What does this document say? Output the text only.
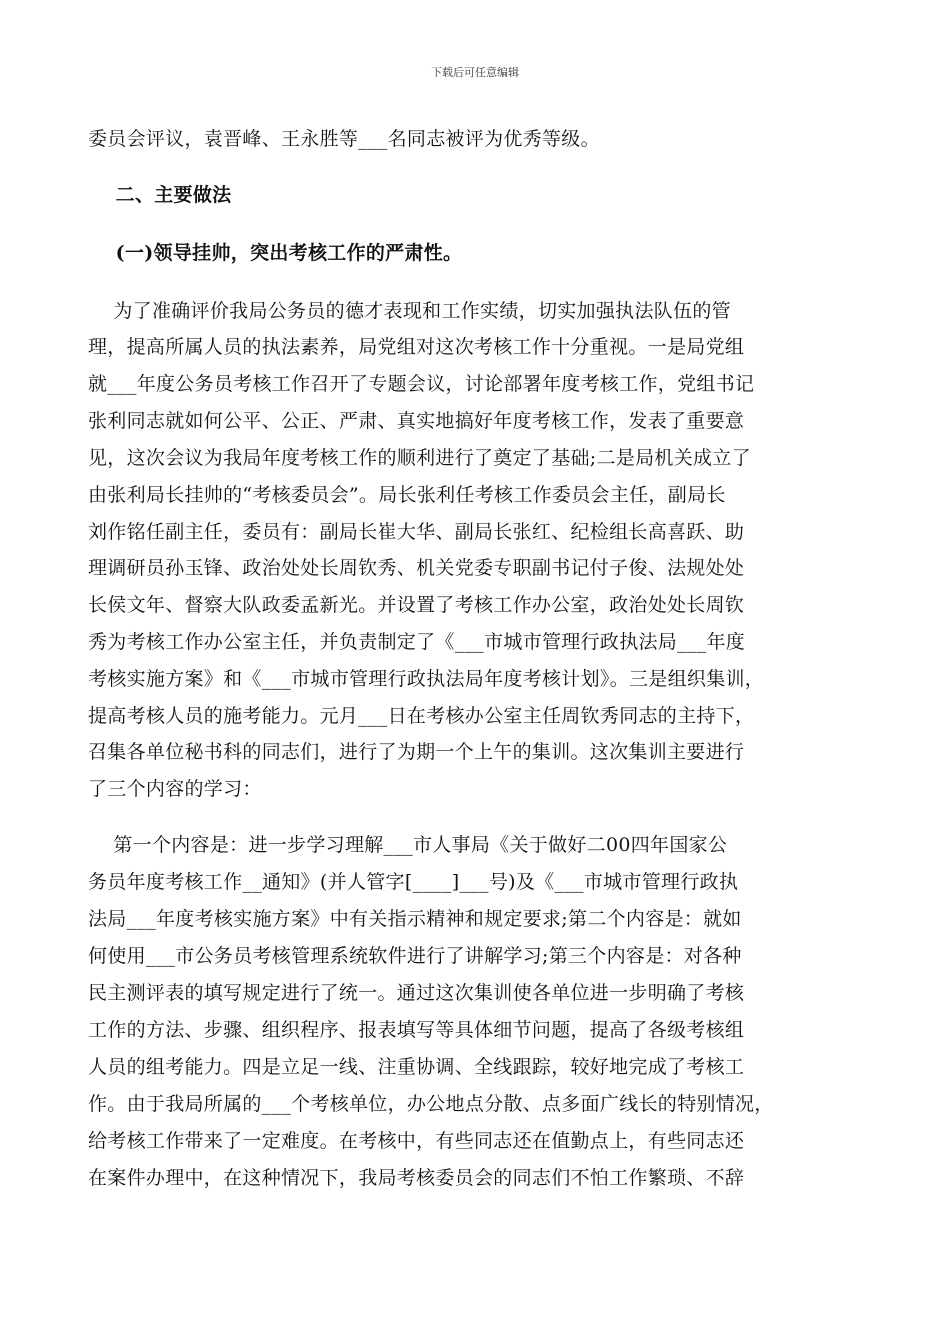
下载后可任意编辑
委员会评议，袁晋峰、王永胜等___名同志被评为优秀等级。
二、主要做法
(一)领导挂帅，突出考核工作的严肃性。
为了准确评价我局公务员的德才表现和工作实绩，切实加强执法队伍的管
理，提高所属人员的执法素养，局党组对这次考核工作十分重视。一是局党组
就___年度公务员考核工作召开了专题会议，讨论部署年度考核工作，党组书记
张利同志就如何公平、公正、严肃、真实地搞好年度考核工作，发表了重要意
见，这次会议为我局年度考核工作的顺利进行了奠定了基础;二是局机关成立了
由张利局长挂帅的“考核委员会”。局长张利任考核工作委员会主任，副局长
刘作铭任副主任，委员有：副局长崔大华、副局长张红、纪检组长高喜跃、助
理调研员孙玉锋、政治处处长周钦秀、机关党委专职副书记付子俊、法规处处
长侯文年、督察大队政委孟新光。并设置了考核工作办公室，政治处处长周钦
秀为考核工作办公室主任，并负责制定了《___市城市管理行政执法局___年度
考核实施方案》和《___市城市管理行政执法局年度考核计划》。三是组织集训，
提高考核人员的施考能力。元月___日在考核办公室主任周钦秀同志的主持下，
召集各单位秘书科的同志们，进行了为期一个上午的集训。这次集训主要进行
了三个内容的学习：
第一个内容是：进一步学习理解___市人事局《关于做好二00四年国家公
务员年度考核工作__通知》(并人管字[____]___号)及《___市城市管理行政执
法局___年度考核实施方案》中有关指示精神和规定要求;第二个内容是：就如
何使用___市公务员考核管理系统软件进行了讲解学习;第三个内容是：对各种
民主测评表的填写规定进行了统一。通过这次集训使各单位进一步明确了考核
工作的方法、步骤、组织程序、报表填写等具体细节问题，提高了各级考核组
人员的组考能力。四是立足一线、注重协调、全线跟踪，较好地完成了考核工
作。由于我局所属的___个考核单位，办公地点分散、点多面广线长的特别情况，
给考核工作带来了一定难度。在考核中，有些同志还在值勤点上，有些同志还
在案件办理中，在这种情况下，我局考核委员会的同志们不怕工作繁琐、不辞
